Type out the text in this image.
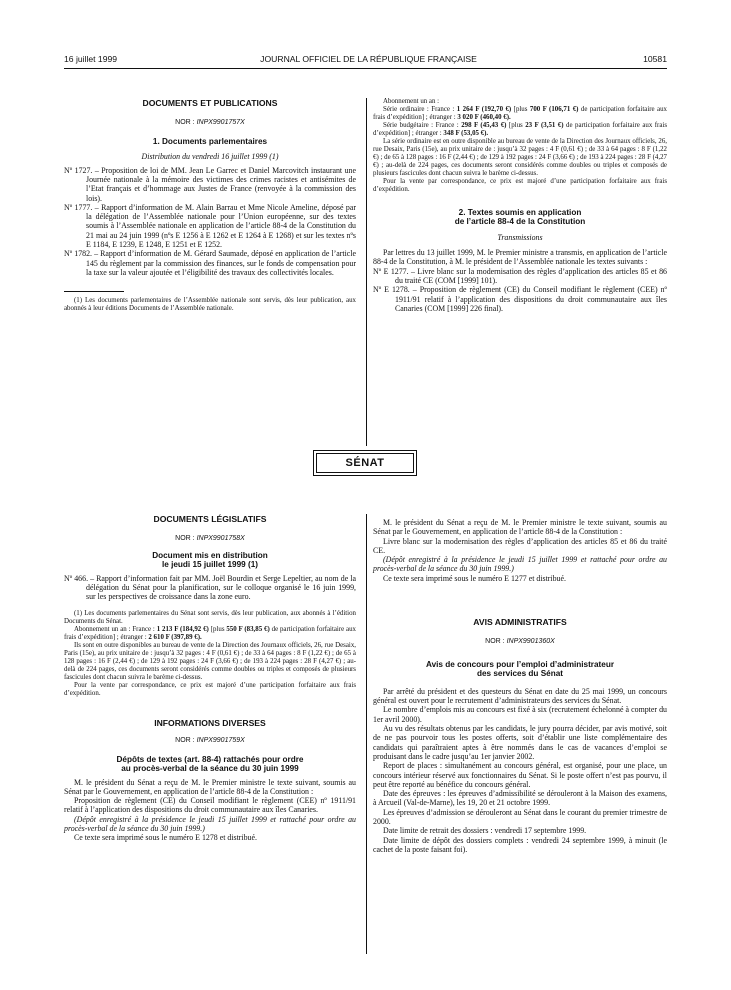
16 juillet 1999	JOURNAL OFFICIEL DE LA RÉPUBLIQUE FRANÇAISE	10581
DOCUMENTS ET PUBLICATIONS
NOR : INPX9901757X
1. Documents parlementaires

Distribution du vendredi 16 juillet 1999 (1)

Nº 1727. – Proposition de loi de MM. Jean Le Garrec et Daniel Marcovitch instaurant une Journée nationale à la mémoire des victimes des crimes racistes et antisémites de l’Etat français et d’hommage aux Justes de France (renvoyée à la commission des lois).

Nº 1777. – Rapport d’information de M. Alain Barrau et Mme Nicole Ameline, déposé par la délégation de l’Assemblée nationale pour l’Union européenne, sur des textes soumis à l’Assemblée nationale en application de l’article 88-4 de la Constitution du 21 mai au 24 juin 1999 (nºs E 1256 à E 1262 et E 1264 à E 1268) et sur les textes nºs E 1184, E 1239, E 1248, E 1251 et E 1252.

Nº 1782. – Rapport d’information de M. Gérard Saumade, déposé en application de l’article 145 du règlement par la commission des finances, sur le fonds de compensation pour la taxe sur la valeur ajoutée et l’éligibilité des travaux des collectivités locales.

(1) Les documents parlementaires de l’Assemblée nationale sont servis, dès leur publication, aux abonnés à leur éditions Documents de l’Assemblée nationale.

Abonnement un an :

Série ordinaire : France : 1 264 F (192,70 €) [plus 700 F (106,71 €) de participation forfaitaire aux frais d’expédition] ; étranger : 3 020 F (460,40 €).

Série budgétaire : France : 298 F (45,43 €) [plus 23 F (3,51 €) de participation forfaitaire aux frais d’expédition] ; étranger : 348 F (53,05 €).

La série ordinaire est en outre disponible au bureau de vente de la Direction des Journaux officiels, 26, rue Desaix, Paris (15e), au prix unitaire de : jusqu’à 32 pages : 4 F (0,61 €) ; de 33 à 64 pages : 8 F (1,22 €) ; de 65 à 128 pages : 16 F (2,44 €) ; de 129 à 192 pages : 24 F (3,66 €) ; de 193 à 224 pages : 28 F (4,27 €) ; au-delà de 224 pages, ces documents seront considérés comme doubles ou triples et composés de plusieurs fascicules dont chacun suivra le barème ci-dessus.

Pour la vente par correspondance, ce prix est majoré d’une participation forfaitaire aux frais d’expédition.

2. Textes soumis en application
de l’article 88-4 de la Constitution

Transmissions

Par lettres du 13 juillet 1999, M. le Premier ministre a transmis, en application de l’article 88-4 de la Constitution, à M. le président de l’Assemblée nationale les textes suivants :

Nº E 1277. – Livre blanc sur la modernisation des règles d’application des articles 85 et 86 du traité CE (COM [1999] 101).

Nº E 1278. – Proposition de règlement (CE) du Conseil modifiant le règlement (CEE) nº 1911/91 relatif à l’application des dispositions du droit communautaire aux îles Canaries (COM [1999] 226 final).

SÉNAT
DOCUMENTS LÉGISLATIFS
NOR : INPX9901758X
Document mis en distribution
le jeudi 15 juillet 1999 (1)

Nº 466. – Rapport d’information fait par MM. Joël Bourdin et Serge Lepeltier, au nom de la délégation du Sénat pour la planification, sur le colloque organisé le 16 juin 1999, sur les perspectives de croissance dans la zone euro.

(1) Les documents parlementaires du Sénat sont servis, dès leur publication, aux abonnés à l’édition Documents du Sénat.

Abonnement un an : France : 1 213 F (184,92 €) [plus 550 F (83,85 €) de participation forfaitaire aux frais d’expédition] ; étranger : 2 610 F (397,89 €).

Ils sont en outre disponibles au bureau de vente de la Direction des Journaux officiels, 26, rue Desaix, Paris (15e), au prix unitaire de : jusqu’à 32 pages : 4 F (0,61 €) ; de 33 à 64 pages : 8 F (1,22 €) ; de 65 à 128 pages : 16 F (2,44 €) ; de 129 à 192 pages : 24 F (3,66 €) ; de 193 à 224 pages : 28 F (4,27 €) ; au-delà de 224 pages, ces documents seront considérés comme doubles ou triples et composés de plusieurs fascicules dont chacun suivra le barème ci-dessus.

Pour la vente par correspondance, ce prix est majoré d’une participation forfaitaire aux frais d’expédition.

INFORMATIONS DIVERSES
NOR : INPX9901759X
Dépôts de textes (art. 88-4) rattachés pour ordre
au procès-verbal de la séance du 30 juin 1999

M. le président du Sénat a reçu de M. le Premier ministre le texte suivant, soumis au Sénat par le Gouvernement, en application de l’article 88-4 de la Constitution :

Proposition de règlement (CE) du Conseil modifiant le règlement (CEE) nº 1911/91 relatif à l’application des dispositions du droit communautaire aux îles Canaries.

(Dépôt enregistré à la présidence le jeudi 15 juillet 1999 et rattaché pour ordre au procès-verbal de la séance du 30 juin 1999.)

Ce texte sera imprimé sous le numéro E 1278 et distribué.

M. le président du Sénat a reçu de M. le Premier ministre le texte suivant, soumis au Sénat par le Gouvernement, en application de l’article 88-4 de la Constitution :

Livre blanc sur la modernisation des règles d’application des articles 85 et 86 du traité CE.

(Dépôt enregistré à la présidence le jeudi 15 juillet 1999 et rattaché pour ordre au procès-verbal de la séance du 30 juin 1999.)

Ce texte sera imprimé sous le numéro E 1277 et distribué.

AVIS ADMINISTRATIFS
NOR : INPX9901360X
Avis de concours pour l’emploi d’administrateur
des services du Sénat

Par arrêté du président et des questeurs du Sénat en date du 25 mai 1999, un concours général est ouvert pour le recrutement d’administrateurs des services du Sénat.

Le nombre d’emplois mis au concours est fixé à six (recrutement échelonné à compter du 1er avril 2000).

Au vu des résultats obtenus par les candidats, le jury pourra décider, par avis motivé, soit de ne pas pourvoir tous les postes offerts, soit d’établir une liste complémentaire des candidats qui paraîtraient aptes à être nommés dans le cas de vacances d’emploi se produisant dans le cadre jusqu’au 1er janvier 2002.

Report de places : simultanément au concours général, est organisé, pour une place, un concours intérieur réservé aux fonctionnaires du Sénat. Si le poste offert n’est pas pourvu, il peut être reporté au bénéfice du concours général.

Date des épreuves : les épreuves d’admissibilité se dérouleront à la Maison des examens, à Arcueil (Val-de-Marne), les 19, 20 et 21 octobre 1999.

Les épreuves d’admission se dérouleront au Sénat dans le courant du premier trimestre de 2000.

Date limite de retrait des dossiers : vendredi 17 septembre 1999.

Date limite de dépôt des dossiers complets : vendredi 24 septembre 1999, à minuit (le cachet de la poste faisant foi).
